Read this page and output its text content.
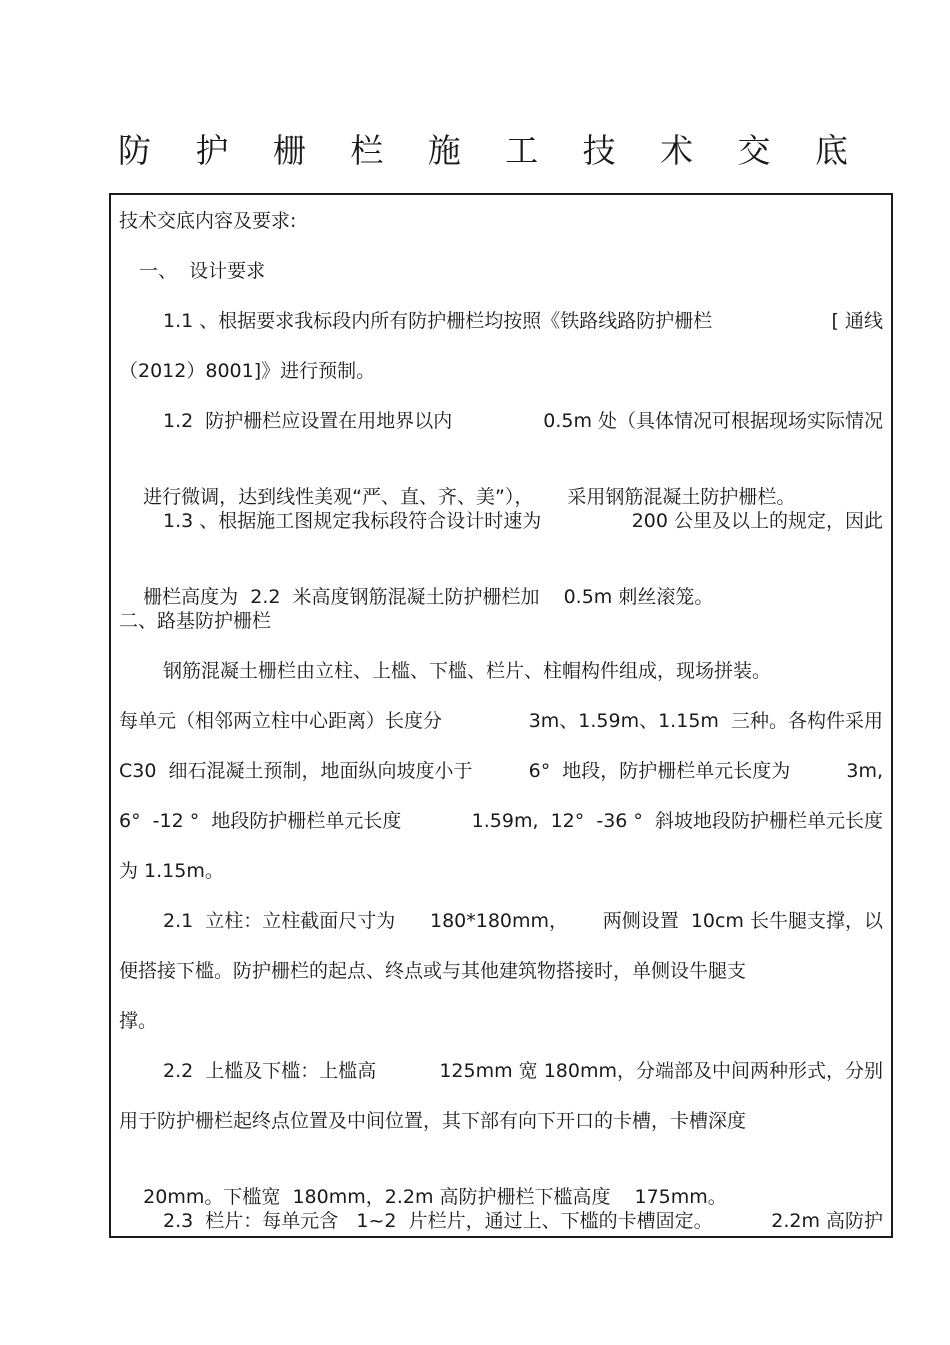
防 护 栅 栏 施 工 技 术 交 底
技术交底内容及要求:
一、  设计要求
1.1 、根据要求我标段内所有防护栅栏均按照《铁路线路防护栅栏	[ 通线
（2012）8001]》进行预制。
1.2  防护栅栏应设置在用地界以内	0.5m 处（具体情况可根据现场实际情况

进行微调，达到线性美观“严、直、齐、美”）， 采用钢筋混凝土防护栅栏。

1.3 、根据施工图规定我标段符合设计时速为	200 公里及以上的规定，因此

栅栏高度为  2.2  米高度钢筋混凝土防护栅栏加 0.5m 刺丝滚笼。

二、路基防护栅栏
钢筋混凝土栅栏由立柱、上槛、下槛、栏片、柱帽构件组成，现场拼装。
每单元（相邻两立柱中心距离）长度分	3m、1.59m、1.15m  三种。各构件采用
C30  细石混凝土预制，地面纵向坡度小于	6°  地段，防护栅栏单元长度为	3m,
6°  -12 °  地段防护栅栏单元长度	1.59m,  12°  -36 °  斜坡地段防护栅栏单元长度
为 1.15m。
2.1  立柱：立柱截面尺寸为 180*180mm， 两侧设置  10cm 长牛腿支撑，以
便搭接下槛。防护栅栏的起点、终点或与其他建筑物搭接时，单侧设牛腿支
撑。
2.2  上槛及下槛：上槛高	125mm 宽 180mm，分端部及中间两种形式，分别
用于防护栅栏起终点位置及中间位置，其下部有向下开口的卡槽，卡槽深度

20mm。下槛宽  180mm，2.2m 高防护栅栏下槛高度 175mm。

2.3  栏片：每单元含   1~2  片栏片，通过上、下槛的卡槽固定。	2.2m 高防护
